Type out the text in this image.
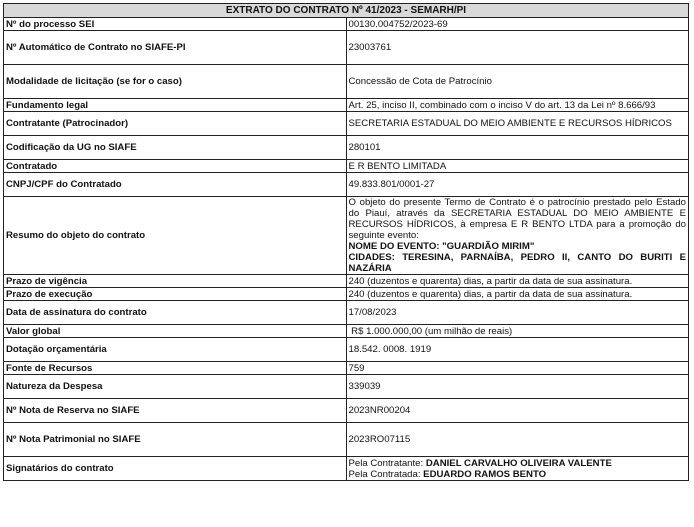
EXTRATO DO CONTRATO Nº 41/2023 - SEMARH/PI	
Nº do processo SEI	00130.004752/2023-69
Nº Automático de Contrato no SIAFE-PI	23003761
Modalidade de licitação (se for o caso)	Concessão de Cota de Patrocínio
Fundamento legal	Art. 25, inciso II, combinado com o inciso V do art. 13 da Lei nº 8.666/93
Contratante (Patrocinador)	SECRETARIA ESTADUAL DO MEIO AMBIENTE E RECURSOS HÍDRICOS
Codificação da UG no SIAFE	280101
Contratado	E R BENTO LIMITADA
CNPJ/CPF do Contratado	49.833.801/0001-27
Resumo do objeto do contrato	O objeto do presente Termo de Contrato é o patrocínio prestado pelo Estado do Piauí, através da SECRETARIA ESTADUAL DO MEIO AMBIENTE E RECURSOS HÍDRICOS, à empresa E R BENTO LTDA para a promoção do seguinte evento:
NOME DO EVENTO: "GUARDIÃO MIRIM"
CIDADES: TERESINA, PARNAÍBA, PEDRO II, CANTO DO BURITI E NAZÁRIA

Prazo de vigência	240 (duzentos e quarenta) dias, a partir da data de sua assinatura.
Prazo de execução	240 (duzentos e quarenta) dias, a partir da data de sua assinatura.
Data de assinatura do contrato	17/08/2023
Valor global	R$ 1.000.000,00 (um milhão de reais)
Dotação orçamentária	18.542. 0008. 1919
Fonte de Recursos	759
Natureza da Despesa	339039
Nº Nota de Reserva no SIAFE	2023NR00204
Nº Nota Patrimonial no SIAFE	2023RO07115
Signatários do contrato	Pela Contratante: DANIEL CARVALHO OLIVEIRA VALENTE
Pela Contratada: EDUARDO RAMOS BENTO
